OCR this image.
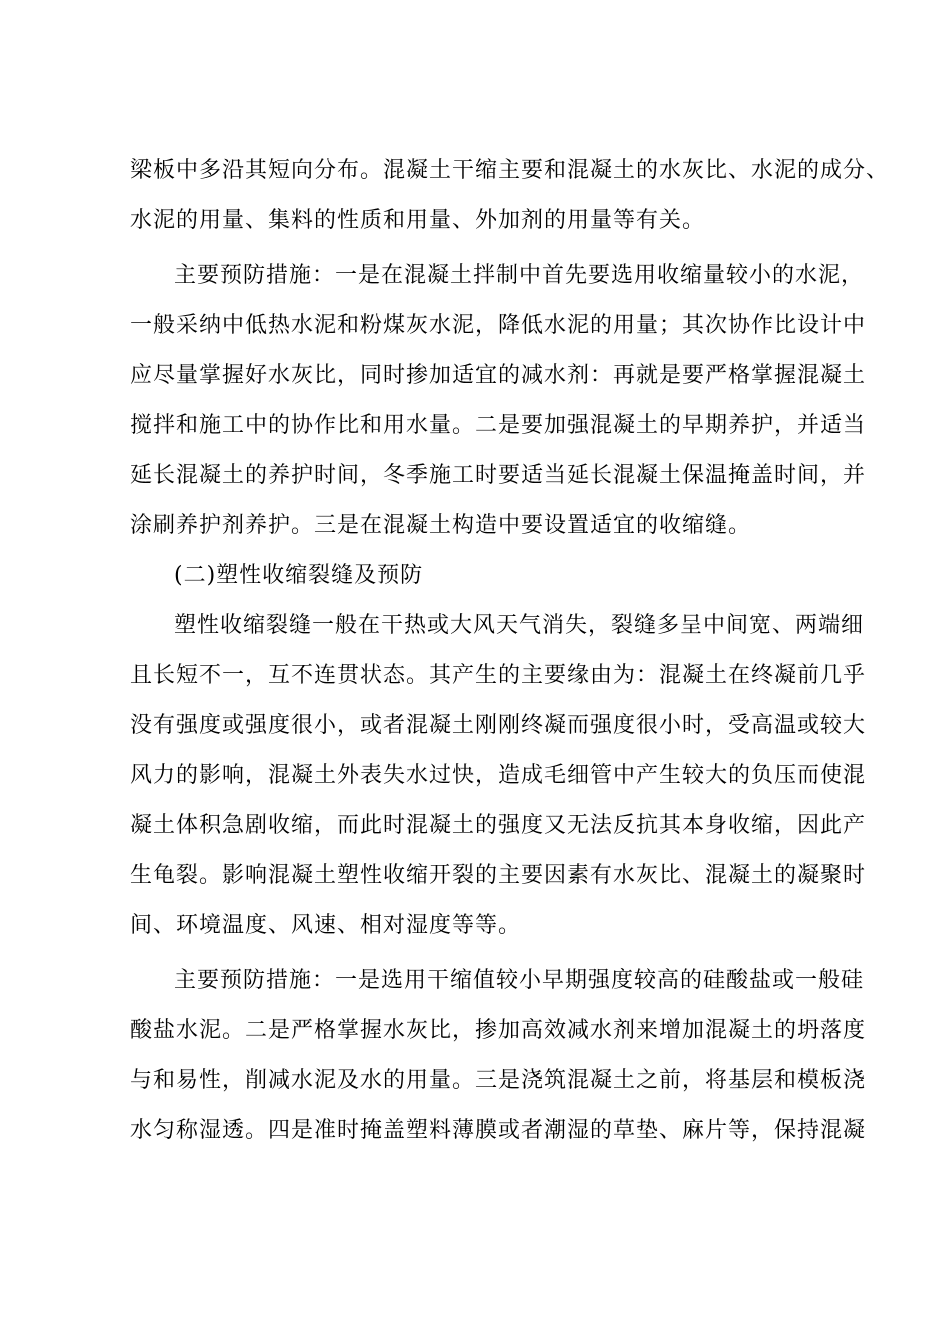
梁板中多沿其短向分布。混凝土干缩主要和混凝土的水灰比、水泥的成分、
水泥的用量、集料的性质和用量、外加剂的用量等有关。
主要预防措施：一是在混凝土拌制中首先要选用收缩量较小的水泥，
一般采纳中低热水泥和粉煤灰水泥，降低水泥的用量；其次协作比设计中
应尽量掌握好水灰比，同时掺加适宜的减水剂：再就是要严格掌握混凝土
搅拌和施工中的协作比和用水量。二是要加强混凝土的早期养护，并适当
延长混凝土的养护时间，冬季施工时要适当延长混凝土保温掩盖时间，并
涂刷养护剂养护。三是在混凝土构造中要设置适宜的收缩缝。
(二)塑性收缩裂缝及预防
塑性收缩裂缝一般在干热或大风天气消失，裂缝多呈中间宽、两端细
且长短不一，互不连贯状态。其产生的主要缘由为：混凝土在终凝前几乎
没有强度或强度很小，或者混凝土刚刚终凝而强度很小时，受高温或较大
风力的影响，混凝土外表失水过快，造成毛细管中产生较大的负压而使混
凝土体积急剧收缩，而此时混凝土的强度又无法反抗其本身收缩，因此产
生龟裂。影响混凝土塑性收缩开裂的主要因素有水灰比、混凝土的凝聚时
间、环境温度、风速、相对湿度等等。
主要预防措施：一是选用干缩值较小早期强度较高的硅酸盐或一般硅
酸盐水泥。二是严格掌握水灰比，掺加高效减水剂来增加混凝土的坍落度
与和易性，削减水泥及水的用量。三是浇筑混凝土之前，将基层和模板浇
水匀称湿透。四是准时掩盖塑料薄膜或者潮湿的草垫、麻片等，保持混凝
